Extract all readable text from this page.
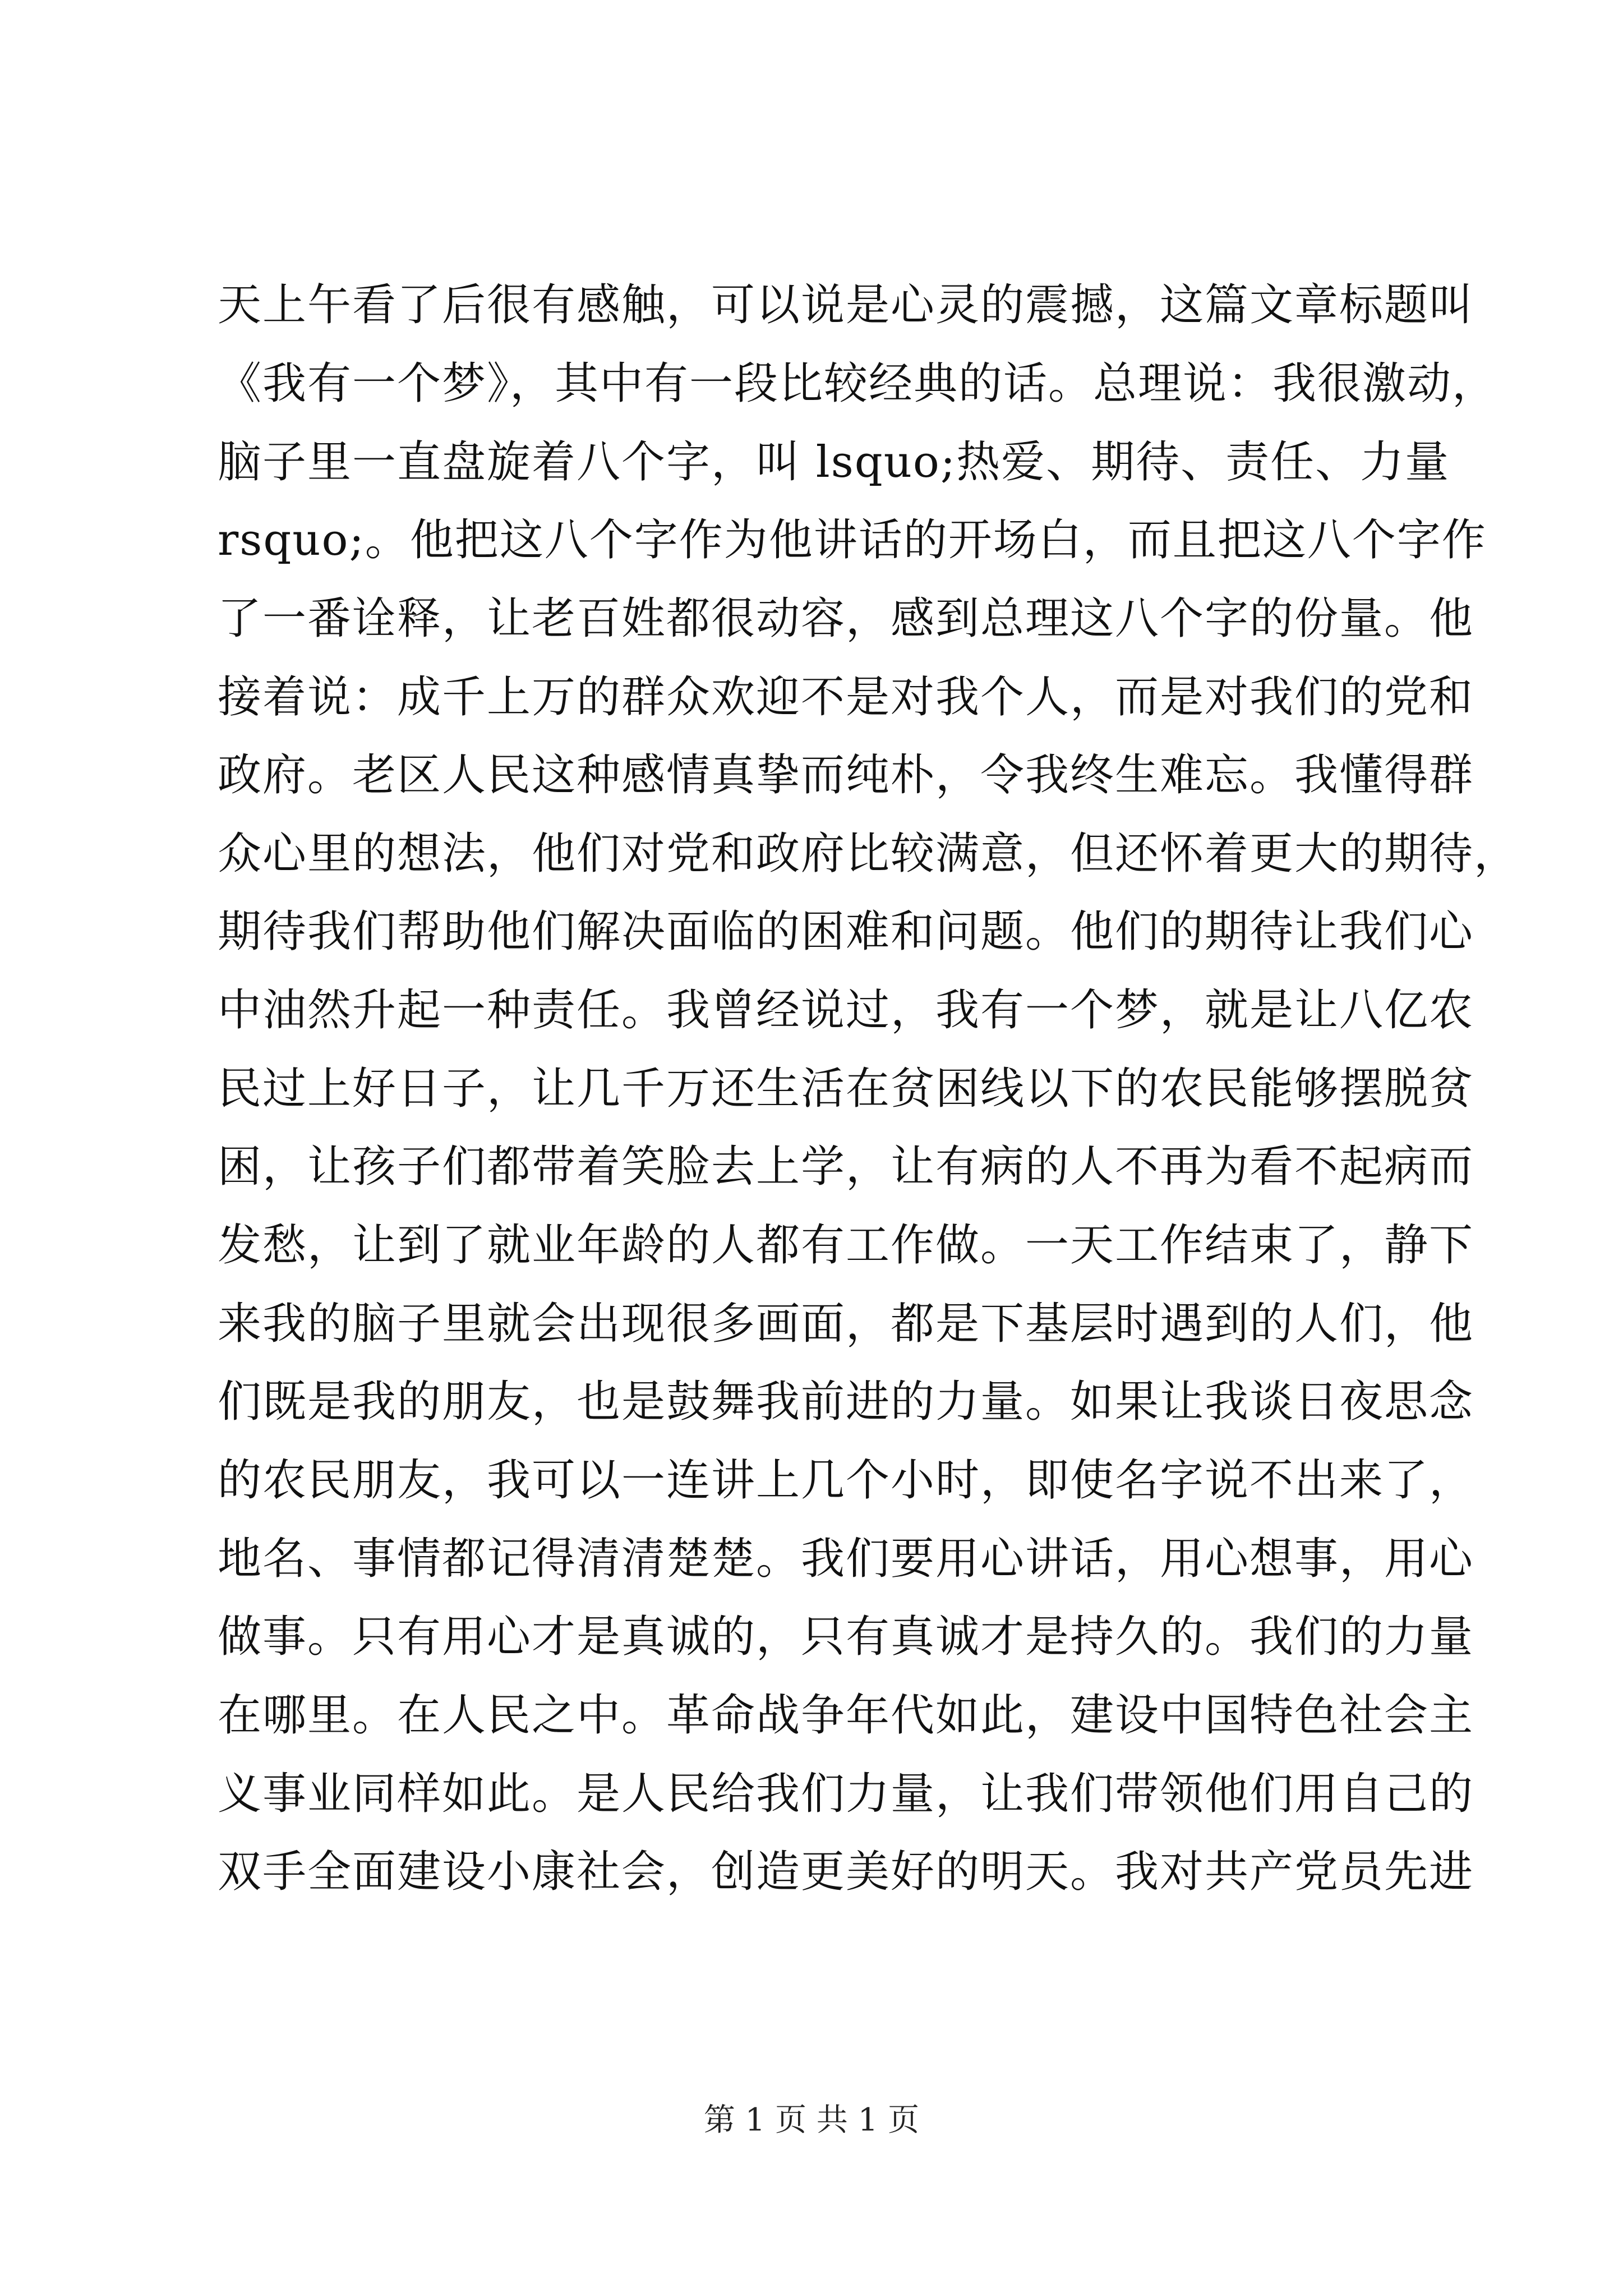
天上午看了后很有感触，可以说是心灵的震撼，这篇文章标题叫
《我有一个梦》，其中有一段比较经典的话。总理说：我很激动，
脑子里一直盘旋着八个字，叫 lsquo;热爱、期待、责任、力量
rsquo;。他把这八个字作为他讲话的开场白，而且把这八个字作
了一番诠释，让老百姓都很动容，感到总理这八个字的份量。他
接着说：成千上万的群众欢迎不是对我个人，而是对我们的党和
政府。老区人民这种感情真挚而纯朴，令我终生难忘。我懂得群
众心里的想法，他们对党和政府比较满意，但还怀着更大的期待，
期待我们帮助他们解决面临的困难和问题。他们的期待让我们心
中油然升起一种责任。我曾经说过，我有一个梦，就是让八亿农
民过上好日子，让几千万还生活在贫困线以下的农民能够摆脱贫
困，让孩子们都带着笑脸去上学，让有病的人不再为看不起病而
发愁，让到了就业年龄的人都有工作做。一天工作结束了，静下
来我的脑子里就会出现很多画面，都是下基层时遇到的人们，他
们既是我的朋友，也是鼓舞我前进的力量。如果让我谈日夜思念
的农民朋友，我可以一连讲上几个小时，即使名字说不出来了，
地名、事情都记得清清楚楚。我们要用心讲话，用心想事，用心
做事。只有用心才是真诚的，只有真诚才是持久的。我们的力量
在哪里。在人民之中。革命战争年代如此，建设中国特色社会主
义事业同样如此。是人民给我们力量，让我们带领他们用自己的
双手全面建设小康社会，创造更美好的明天。我对共产党员先进
第 1 页 共 1 页
